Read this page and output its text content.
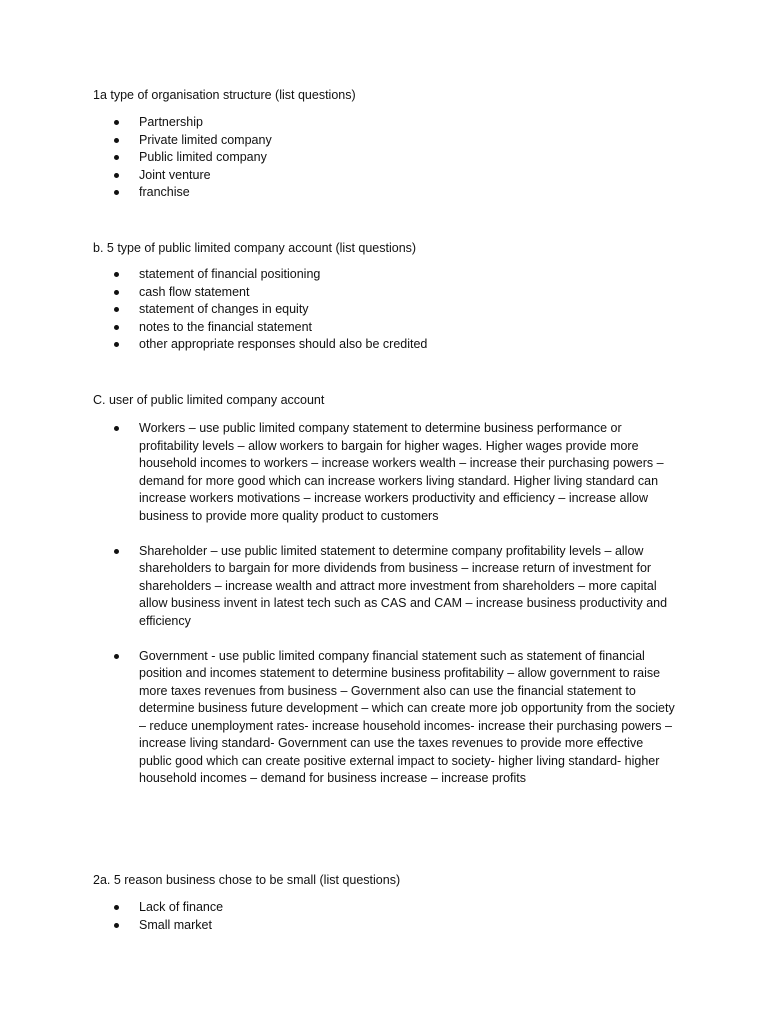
1a type of organisation structure (list questions)
Partnership
Private limited company
Public limited company
Joint venture
franchise
b. 5 type of public limited company account (list questions)
statement of financial positioning
cash flow statement
statement of changes in equity
notes to the financial statement
other appropriate responses should also be credited
C. user of public limited company account
Workers – use public limited company statement to determine business performance or profitability levels – allow workers to bargain for higher wages. Higher wages provide more household incomes to workers – increase workers wealth – increase their purchasing powers – demand for more good which can increase workers living standard. Higher living standard can increase workers motivations – increase workers productivity and efficiency – increase allow business to provide more quality product to customers
Shareholder – use public limited statement to determine company profitability levels – allow shareholders to bargain for more dividends from business – increase return of investment for shareholders – increase wealth and attract more investment from shareholders – more capital allow business invent in latest tech such as CAS and CAM – increase business productivity and efficiency
Government - use public limited company financial statement such as statement of financial position and incomes statement to determine business profitability – allow government to raise more taxes revenues from business – Government also can use the financial statement to determine business future development – which can create more job opportunity from the society – reduce unemployment rates- increase household incomes- increase their purchasing powers – increase living standard- Government can use the taxes revenues to provide more effective public good which can create positive external impact to society- higher living standard- higher household incomes – demand for business increase – increase profits
2a. 5 reason business chose to be small (list questions)
Lack of finance
Small market
